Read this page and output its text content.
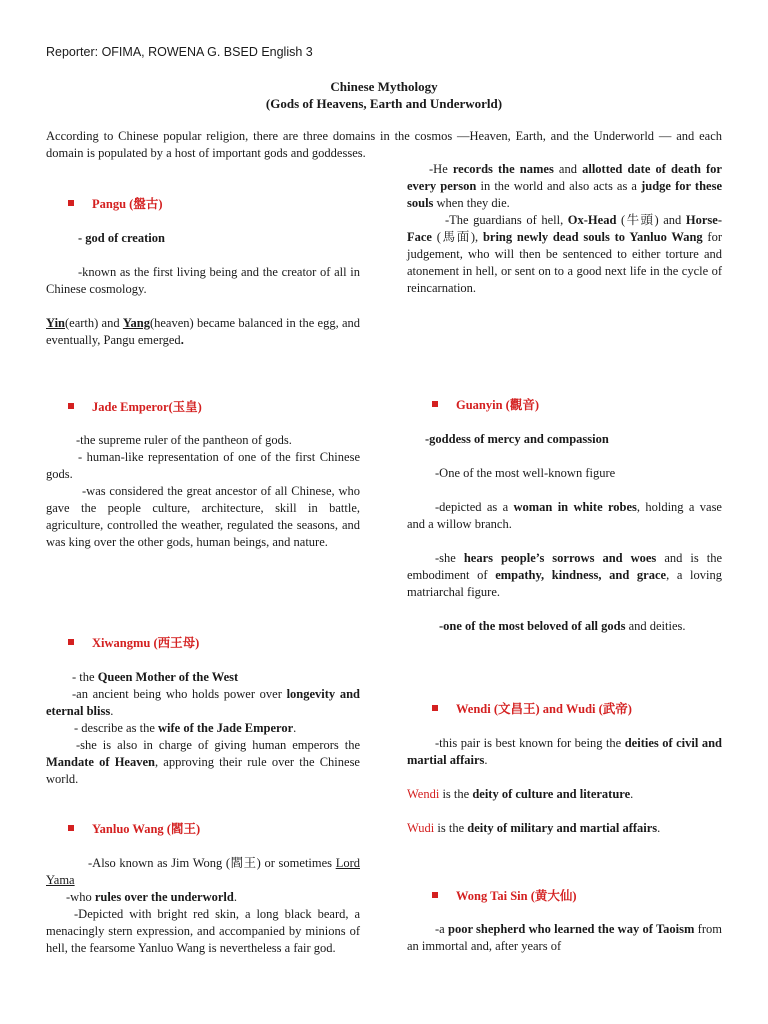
Reporter: OFIMA, ROWENA G. BSED English 3
Chinese Mythology
(Gods of Heavens, Earth and Underworld)
According to Chinese popular religion, there are three domains in the cosmos —Heaven, Earth, and the Underworld — and each domain is populated by a host of important gods and goddesses.

-He records the names and allotted date of death for every person in the world and also acts as a judge for these souls when they die.

-The guardians of hell, Ox-Head (牛頭) and Horse-Face (馬面), bring newly dead souls to Yanluo Wang for judgement, who will then be sentenced to either torture and atonement in hell, or sent on to a good next life in the cycle of reincarnation.

Pangu (盤古)

- god of creation

-known as the first living being and the creator of all in Chinese cosmology.

Yin(earth) and Yang(heaven) became balanced in the egg, and eventually, Pangu emerged.

Jade Emperor(玉皇)

-the supreme ruler of the pantheon of gods.

- human-like representation of one of the first Chinese gods.

-was considered the great ancestor of all Chinese, who gave the people culture, architecture, skill in battle, agriculture, controlled the weather, regulated the seasons, and was king over the other gods, human beings, and nature.

Xiwangmu (西王母)

- the Queen Mother of the West

-an ancient being who holds power over longevity and eternal bliss.

- describe as the wife of the Jade Emperor.

-she is also in charge of giving human emperors the Mandate of Heaven, approving their rule over the Chinese world.

Yanluo Wang (閻王)

-Also known as Jim Wong (閻王) or sometimes Lord Yama

-who rules over the underworld.

-Depicted with bright red skin, a long black beard, a menacingly stern expression, and accompanied by minions of hell, the fearsome Yanluo Wang is nevertheless a fair god.

Guanyin (觀音)

-goddess of mercy and compassion

-One of the most well-known figure

-depicted as a woman in white robes, holding a vase and a willow branch.

-she hears people’s sorrows and woes and is the embodiment of empathy, kindness, and grace, a loving matriarchal figure.

-one of the most beloved of all gods and deities.

Wendi (文昌王) and Wudi (武帝)

-this pair is best known for being the deities of civil and martial affairs.

Wendi is the deity of culture and literature.

Wudi is the deity of military and martial affairs.

Wong Tai Sin (黄大仙)

-a poor shepherd who learned the way of Taoism from an immortal and, after years of
